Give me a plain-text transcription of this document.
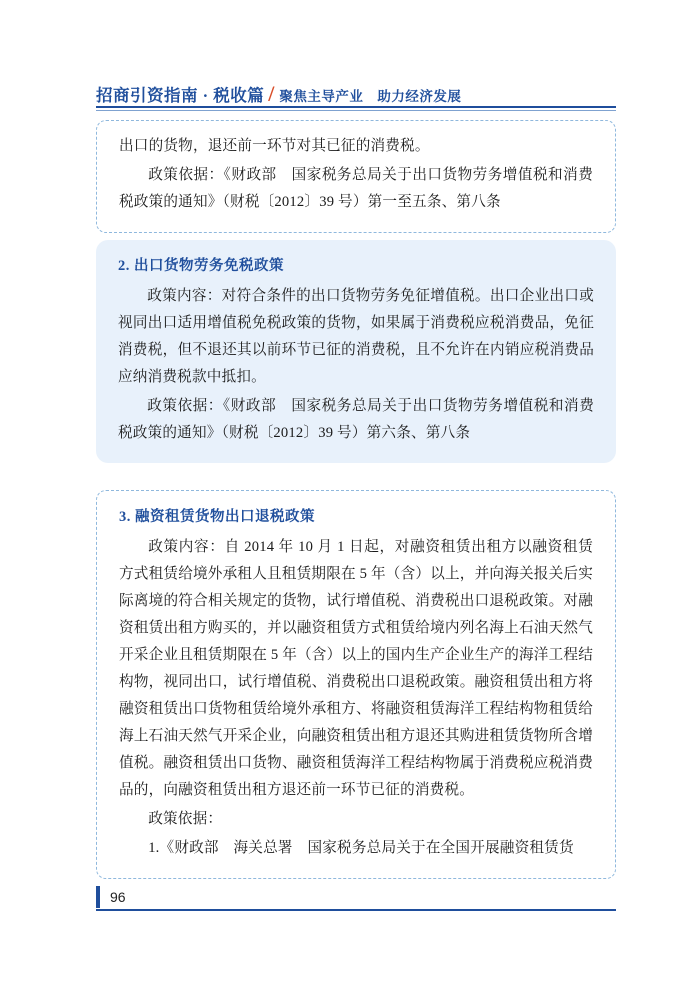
招商引资指南 · 税收篇 / 聚焦主导产业　助力经济发展

出口的货物，退还前一环节对其已征的消费税。

政策依据：《财政部　国家税务总局关于出口货物劳务增值税和消费税政策的通知》（财税〔2012〕39 号）第一至五条、第八条

2. 出口货物劳务免税政策

政策内容：对符合条件的出口货物劳务免征增值税。出口企业出口或视同出口适用增值税免税政策的货物，如果属于消费税应税消费品，免征消费税，但不退还其以前环节已征的消费税，且不允许在内销应税消费品应纳消费税款中抵扣。

政策依据：《财政部　国家税务总局关于出口货物劳务增值税和消费税政策的通知》（财税〔2012〕39 号）第六条、第八条

3. 融资租赁货物出口退税政策

政策内容：自 2014 年 10 月 1 日起，对融资租赁出租方以融资租赁方式租赁给境外承租人且租赁期限在 5 年（含）以上，并向海关报关后实际离境的符合相关规定的货物，试行增值税、消费税出口退税政策。对融资租赁出租方购买的，并以融资租赁方式租赁给境内列名海上石油天然气开采企业且租赁期限在 5 年（含）以上的国内生产企业生产的海洋工程结构物，视同出口，试行增值税、消费税出口退税政策。融资租赁出租方将融资租赁出口货物租赁给境外承租方、将融资租赁海洋工程结构物租赁给海上石油天然气开采企业，向融资租赁出租方退还其购进租赁货物所含增值税。融资租赁出口货物、融资租赁海洋工程结构物属于消费税应税消费品的，向融资租赁出租方退还前一环节已征的消费税。

政策依据：

1.《财政部　海关总署　国家税务总局关于在全国开展融资租赁货

96
